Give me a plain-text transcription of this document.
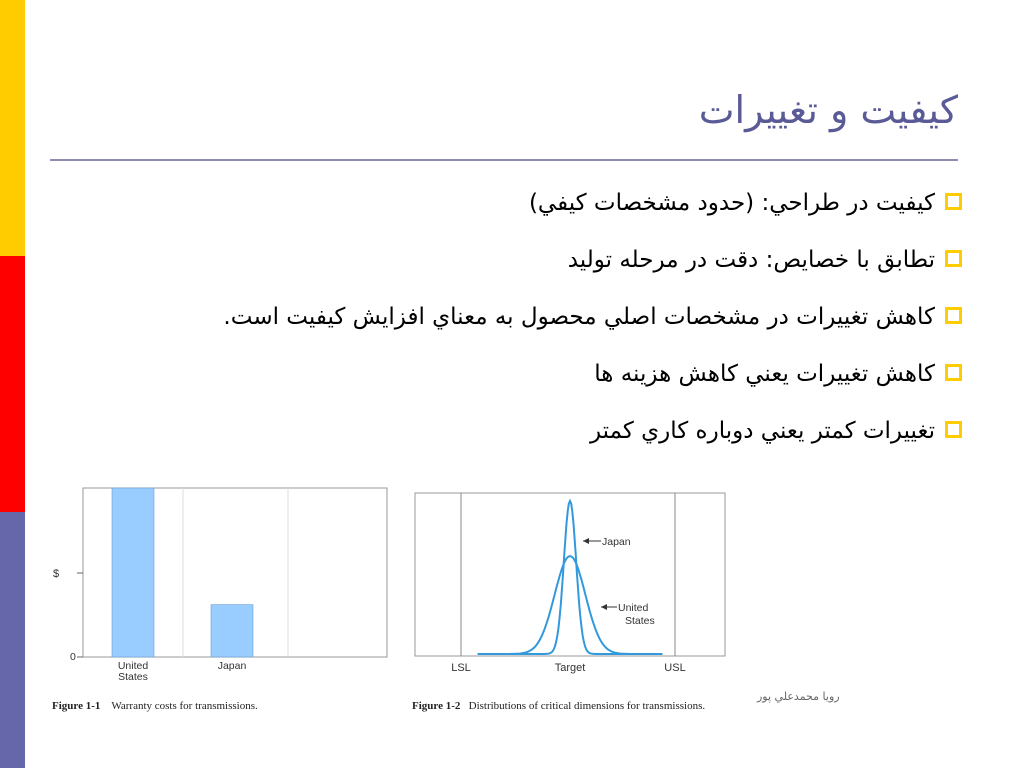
كيفيت و تغييرات
كيفيت در طراحي: (حدود مشخصات كيفي)
تطابق با خصايص: دقت در مرحله توليد
كاهش تغييرات در مشخصات اصلي محصول به معناي افزايش كيفيت است.
كاهش تغييرات يعني كاهش هزينه ها
تغييرات كمتر يعني دوباره كاري كمتر
United
States
Japan
$
0
LSL	Target	USL
Japan
United
States
Figure 1-1 Warranty costs for transmissions.	Figure 1-2 Distributions of critical dimensions for transmissions.
رويا محمدعلي پور
